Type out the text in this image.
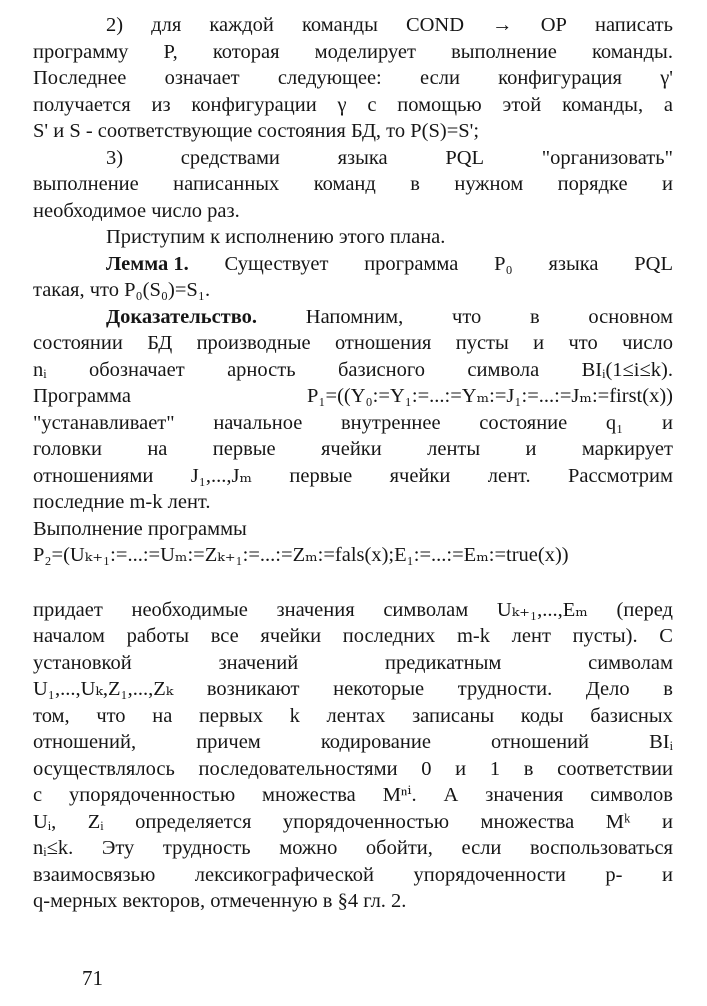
2) для каждой команды COND → OP написать
программу P, которая моделирует выполнение команды.
Последнее означает следующее: если конфигурация γ'
получается из конфигурации γ с помощью этой команды, а
S' и S - соответствующие состояния БД, то P(S)=S';
3)	средствами	языка	PQL	"организовать"
выполнение написанных команд в нужном порядке и
необходимое число раз.
Приступим к исполнению этого плана.
Лемма 1. Существует программа P₀ языка PQL
такая, что P₀(S₀)=S₁.
Доказательство. Напомним, что в основном
состоянии БД производные отношения пусты и что число
nᵢ обозначает арность базисного символа BIᵢ(1≤i≤k).
Программа	P₁=((Y₀:=Y₁:=...:=Yₘ:=J₁:=...:=Jₘ:=first(x))
"устанавливает" начальное внутреннее состояние q₁ и
головки на первые ячейки ленты и маркирует
отношениями J₁,...,Jₘ первые ячейки лент. Рассмотрим
последние m-k лент.
Выполнение программы
P₂=(Uₖ₊₁:=...:=Uₘ:=Zₖ₊₁:=...:=Zₘ:=fals(x);E₁:=...:=Eₘ:=true(x))
придает необходимые значения символам Uₖ₊₁,...,Eₘ (перед
началом работы все ячейки последних m-k лент пусты). С
установкой	значений	предикатным	символам
U₁,...,Uₖ,Z₁,...,Zₖ возникают некоторые трудности. Дело в
том, что на первых k лентах записаны коды базисных
отношений,	причем	кодирование	отношений	BIᵢ
осуществлялось последовательностями 0 и 1 в соответствии
с упорядоченностью множества Mⁿⁱ. А значения символов
Uᵢ, Zᵢ определяется упорядоченностью множества Mᵏ и
nᵢ≤k. Эту трудность можно обойти, если воспользоваться
взаимосвязью лексикографической упорядоченности p- и
q-мерных векторов, отмеченную в §4 гл. 2.
71
